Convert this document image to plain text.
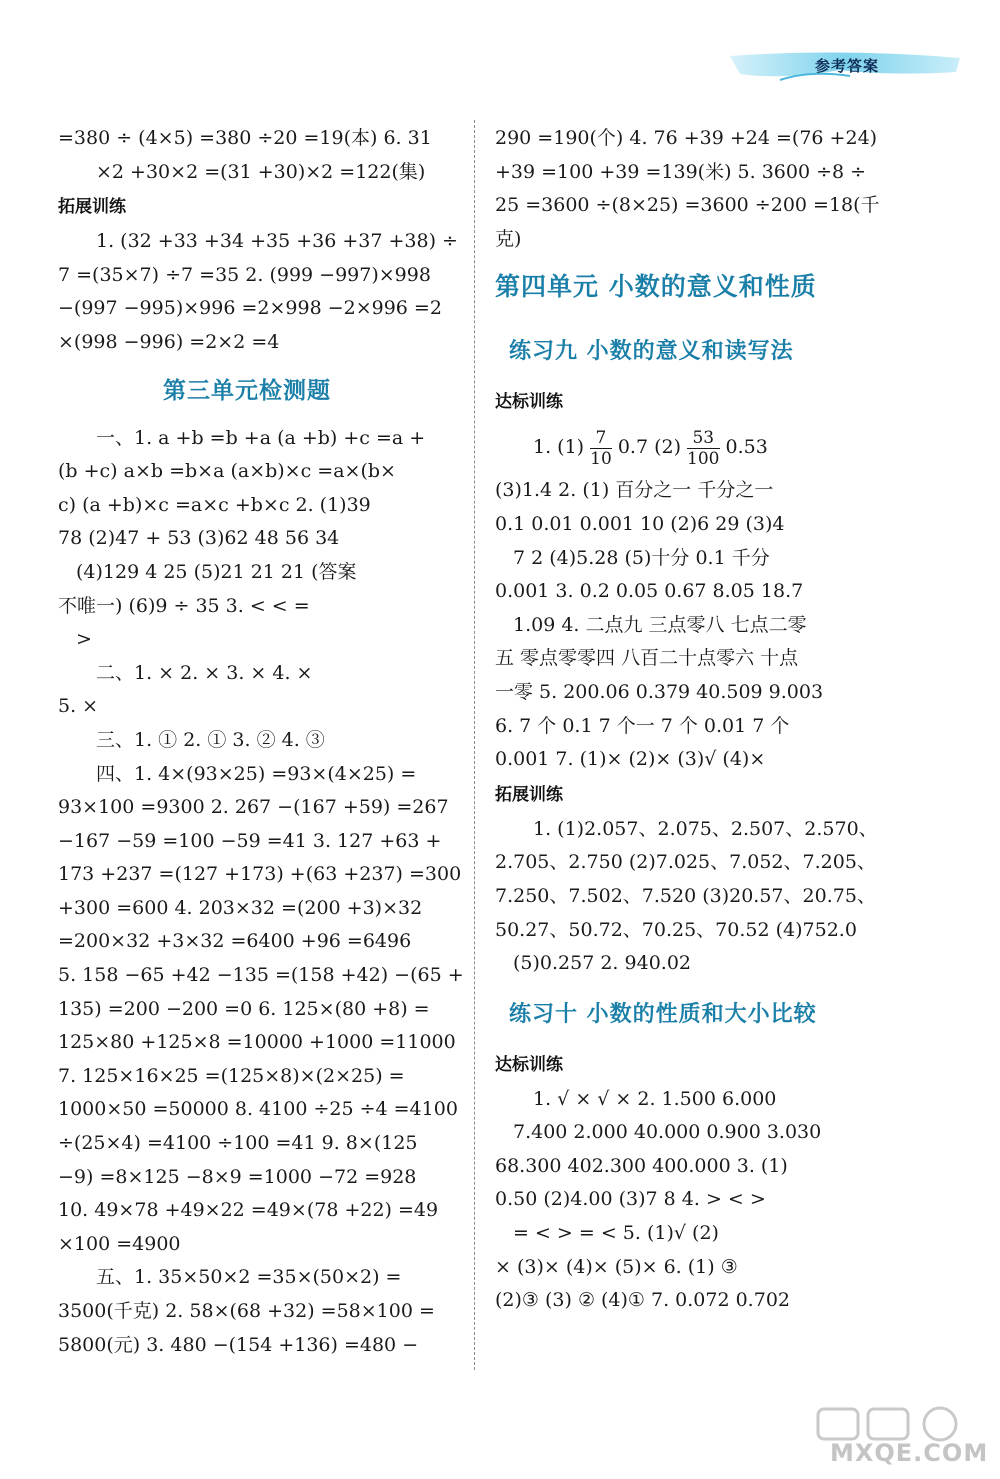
参考答案
=380 ÷ (4×5) =380 ÷20 =19(本) 6. 31
×2 +30×2 =(31 +30)×2 =122(集)
拓展训练
1. (32 +33 +34 +35 +36 +37 +38) ÷
7 =(35×7) ÷7 =35 2. (999 −997)×998
−(997 −995)×996 =2×998 −2×996 =2
×(998 −996) =2×2 =4
第三单元检测题
一、1. a +b =b +a (a +b) +c =a +
(b +c) a×b =b×a (a×b)×c =a×(b×
c) (a +b)×c =a×c +b×c 2. (1)39
78 (2)47 + 53 (3)62 48 56 34
(4)129 4 25 (5)21 21 21 (答案
不唯一) (6)9 ÷ 35 3. < < =
>
二、1. × 2. × 3. × 4. ×
5. ×
三、1. ① 2. ① 3. ② 4. ③
四、1. 4×(93×25) =93×(4×25) =
93×100 =9300 2. 267 −(167 +59) =267
−167 −59 =100 −59 =41 3. 127 +63 +
173 +237 =(127 +173) +(63 +237) =300
+300 =600 4. 203×32 =(200 +3)×32
=200×32 +3×32 =6400 +96 =6496
5. 158 −65 +42 −135 =(158 +42) −(65 +
135) =200 −200 =0 6. 125×(80 +8) =
125×80 +125×8 =10000 +1000 =11000
7. 125×16×25 =(125×8)×(2×25) =
1000×50 =50000 8. 4100 ÷25 ÷4 =4100
÷(25×4) =4100 ÷100 =41 9. 8×(125
−9) =8×125 −8×9 =1000 −72 =928
10. 49×78 +49×22 =49×(78 +22) =49
×100 =4900
五、1. 35×50×2 =35×(50×2) =
3500(千克) 2. 58×(68 +32) =58×100 =
5800(元) 3. 480 −(154 +136) =480 −
290 =190(个) 4. 76 +39 +24 =(76 +24)
+39 =100 +39 =139(米) 5. 3600 ÷8 ÷
25 =3600 ÷(8×25) =3600 ÷200 =18(千
克)
第四单元 小数的意义和性质
练习九 小数的意义和读写法
达标训练
1. $(1) \frac{7}{10} 0.7$ $(2) \frac{53}{100} 0.53$
(3)1.4 2. (1) 百分之一 千分之一
0.1 0.01 0.001 10 (2)6 29 (3)4
7 2 (4)5.28 (5)十分 0.1 千分
0.001 3. 0.2 0.05 0.67 8.05 18.7
1.09 4. 二点九 三点零八 七点二零
五 零点零零四 八百二十点零六 十点
一零 5. 200.06 0.379 40.509 9.003
6. 7 个 0.1 7 个一 7 个 0.01 7 个
0.001 7. (1)× (2)× (3)√ (4)×
拓展训练
1. (1)2.057、2.075、2.507、2.570、
2.705、2.750 (2)7.025、7.052、7.205、
7.250、7.502、7.520 (3)20.57、20.75、
50.27、50.72、70.25、70.52 (4)752.0
(5)0.257 2. 940.02
练习十 小数的性质和大小比较
达标训练
1. √ × √ × 2. 1.500 6.000
7.400 2.000 40.000 0.900 3.030
68.300 402.300 400.000 3. (1)
0.50 (2)4.00 (3)7 8 4. > < >
= < > = < 5. (1)√ (2)
× (3)× (4)× (5)× 6. (1) ③
(2)③ (3) ② (4)① 7. 0.072 0.702
MXQE.COM
